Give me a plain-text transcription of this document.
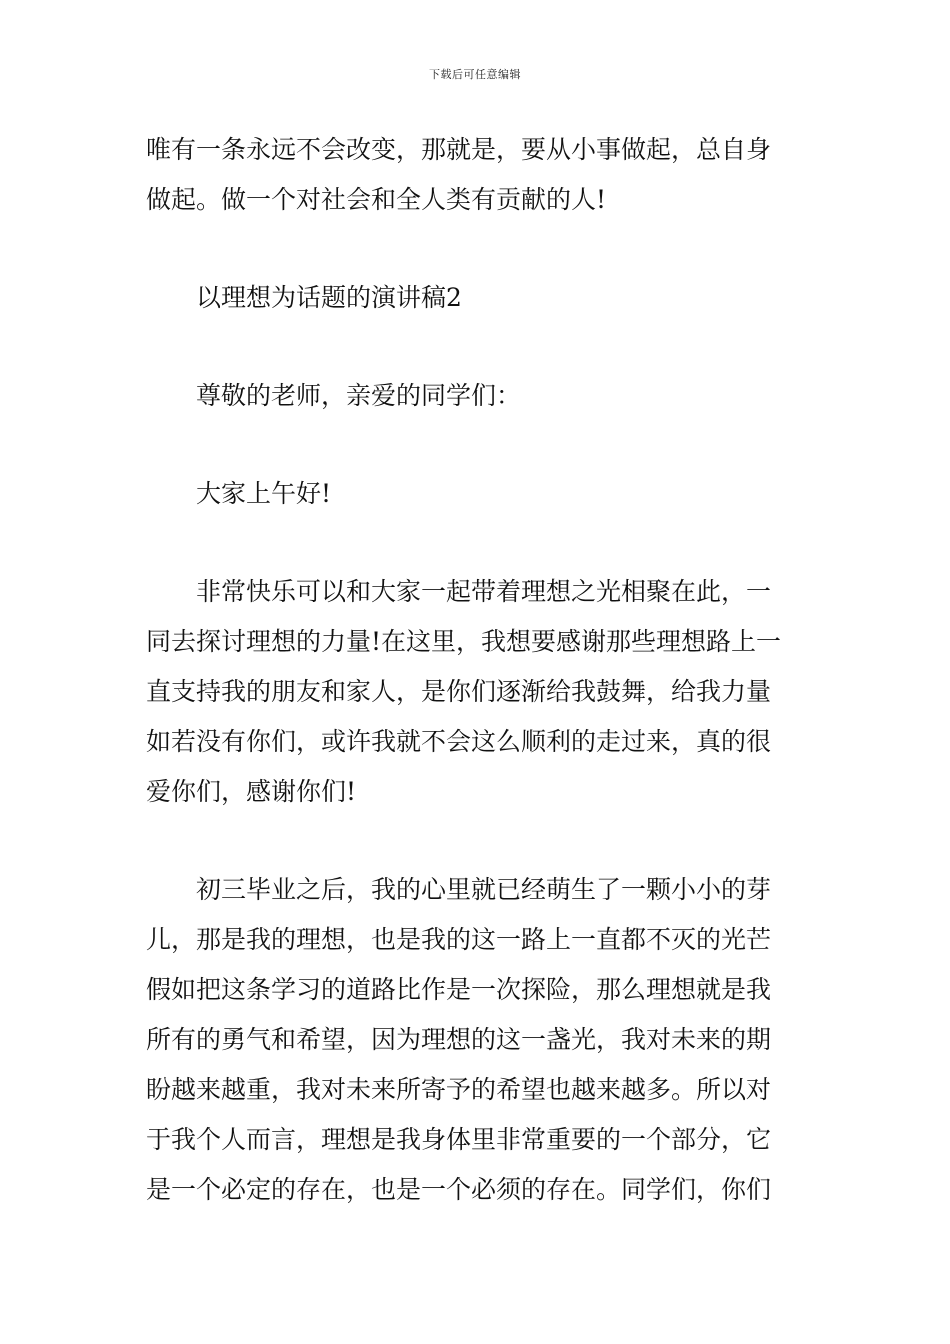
下载后可任意编辑
唯有一条永远不会改变，那就是，要从小事做起，总自身
做起。做一个对社会和全人类有贡献的人!
以理想为话题的演讲稿2
尊敬的老师，亲爱的同学们：
大家上午好!
非常快乐可以和大家一起带着理想之光相聚在此，一
同去探讨理想的力量!在这里，我想要感谢那些理想路上一
直支持我的朋友和家人，是你们逐渐给我鼓舞，给我力量
如若没有你们，或许我就不会这么顺利的走过来，真的很
爱你们，感谢你们!
初三毕业之后，我的心里就已经萌生了一颗小小的芽
儿，那是我的理想，也是我的这一路上一直都不灭的光芒
假如把这条学习的道路比作是一次探险，那么理想就是我
所有的勇气和希望，因为理想的这一盏光，我对未来的期
盼越来越重，我对未来所寄予的希望也越来越多。所以对
于我个人而言，理想是我身体里非常重要的一个部分，它
是一个必定的存在，也是一个必须的存在。同学们，你们
